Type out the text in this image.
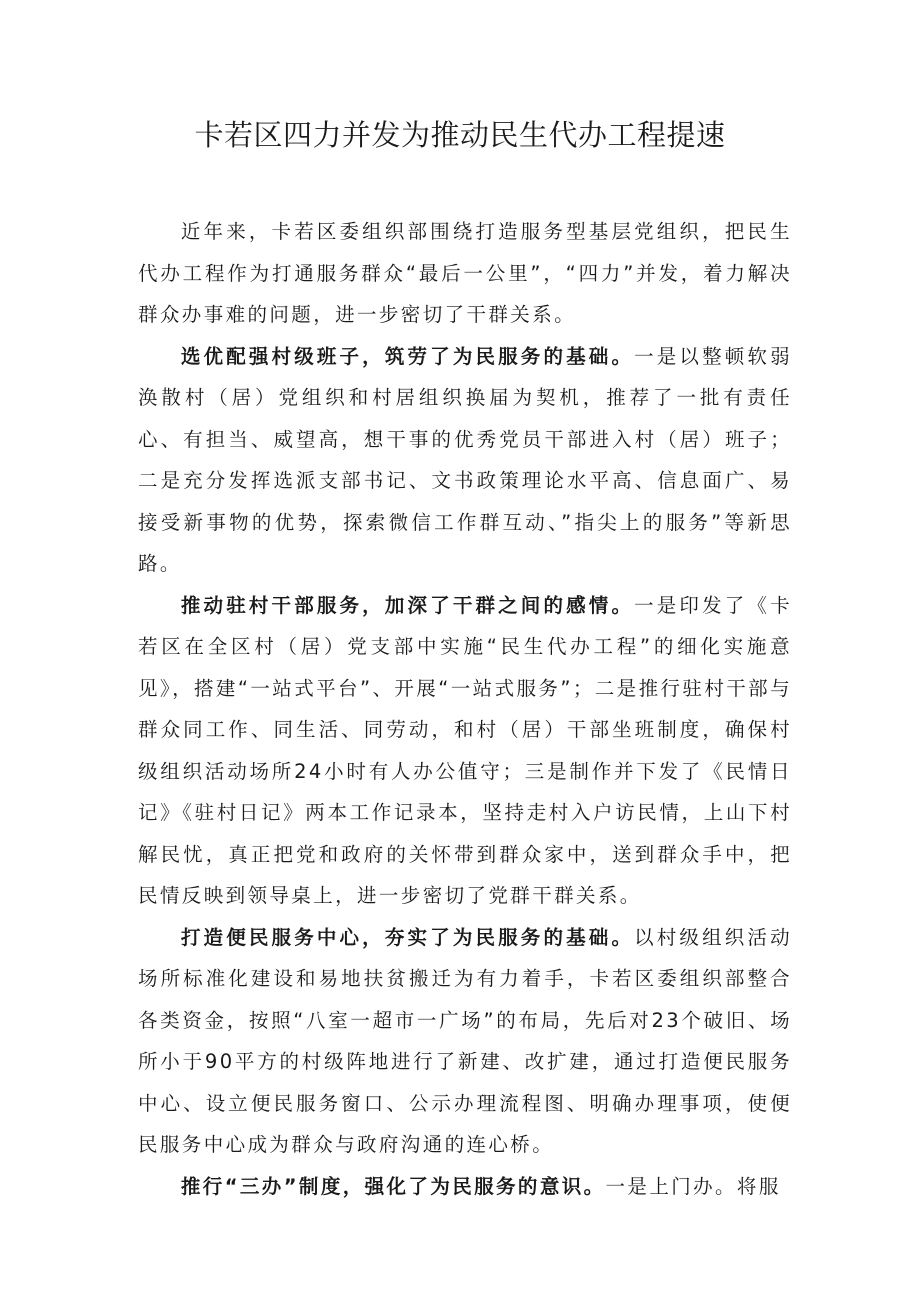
卡若区四力并发为推动民生代办工程提速

近年来，卡若区委组织部围绕打造服务型基层党组织，把民生代办工程作为打通服务群众“最后一公里”，“四力”并发，着力解决群众办事难的问题，进一步密切了干群关系。

选优配强村级班子，筑劳了为民服务的基础。一是以整顿软弱涣散村（居）党组织和村居组织换届为契机，推荐了一批有责任心、有担当、威望高，想干事的优秀党员干部进入村（居）班子；二是充分发挥选派支部书记、文书政策理论水平高、信息面广、易接受新事物的优势，探索微信工作群互动、”指尖上的服务”等新思路。

推动驻村干部服务，加深了干群之间的感情。一是印发了《卡若区在全区村（居）党支部中实施“民生代办工程”的细化实施意见》，搭建“一站式平台”、开展“一站式服务”；二是推行驻村干部与群众同工作、同生活、同劳动，和村（居）干部坐班制度，确保村级组织活动场所24小时有人办公值守；三是制作并下发了《民情日记》《驻村日记》两本工作记录本，坚持走村入户访民情，上山下村解民忧，真正把党和政府的关怀带到群众家中，送到群众手中，把民情反映到领导桌上，进一步密切了党群干群关系。

打造便民服务中心，夯实了为民服务的基础。以村级组织活动场所标准化建设和易地扶贫搬迁为有力着手，卡若区委组织部整合各类资金，按照“八室一超市一广场”的布局，先后对23个破旧、场所小于90平方的村级阵地进行了新建、改扩建，通过打造便民服务中心、设立便民服务窗口、公示办理流程图、明确办理事项，使便民服务中心成为群众与政府沟通的连心桥。

推行“三办”制度，强化了为民服务的意识。一是上门办。将服
